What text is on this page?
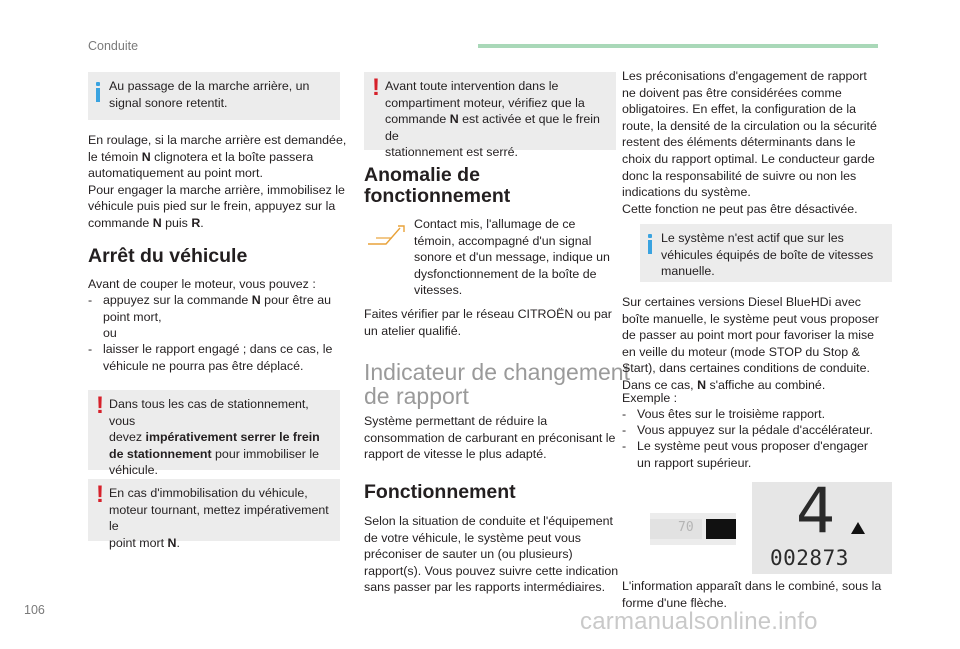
Conduite
Au passage de la marche arrière, un
signal sonore retentit.
En roulage, si la marche arrière est demandée,
le témoin N clignotera et la boîte passera
automatiquement au point mort.
Pour engager la marche arrière, immobilisez le
véhicule puis pied sur le frein, appuyez sur la
commande N puis R.
Arrêt du véhicule
Avant de couper le moteur, vous pouvez :
- appuyez sur la commande N pour être au
point mort,
ou
- laisser le rapport engagé ; dans ce cas, le
véhicule ne pourra pas être déplacé.
! Dans tous les cas de stationnement, vous
devez impérativement serrer le frein
de stationnement pour immobiliser le
véhicule.
! En cas d'immobilisation du véhicule,
moteur tournant, mettez impérativement le
point mort N.
! Avant toute intervention dans le
compartiment moteur, vérifiez que la
commande N est activée et que le frein de
stationnement est serré.
Anomalie de
fonctionnement
Contact mis, l'allumage de ce
témoin, accompagné d'un signal
sonore et d'un message, indique un
dysfonctionnement de la boîte de
vitesses.
Faites vérifier par le réseau CITROËN ou par
un atelier qualifié.
Indicateur de changement
de rapport
Système permettant de réduire la
consommation de carburant en préconisant le
rapport de vitesse le plus adapté.
Fonctionnement
Selon la situation de conduite et l'équipement
de votre véhicule, le système peut vous
préconiser de sauter un (ou plusieurs)
rapport(s). Vous pouvez suivre cette indication
sans passer par les rapports intermédiaires.
Les préconisations d'engagement de rapport
ne doivent pas être considérées comme
obligatoires. En effet, la configuration de la
route, la densité de la circulation ou la sécurité
restent des éléments déterminants dans le
choix du rapport optimal. Le conducteur garde
donc la responsabilité de suivre ou non les
indications du système.
Cette fonction ne peut pas être désactivée.
Le système n'est actif que sur les
véhicules équipés de boîte de vitesses
manuelle.
Sur certaines versions Diesel BlueHDi avec
boîte manuelle, le système peut vous proposer
de passer au point mort pour favoriser la mise
en veille du moteur (mode STOP du Stop &
Start), dans certaines conditions de conduite.
Dans ce cas, N s'affiche au combiné.
Exemple :
- Vous êtes sur le troisième rapport.
- Vous appuyez sur la pédale d'accélérateur.
- Le système peut vous proposer d'engager
un rapport supérieur.
70 4
002873
L'information apparaît dans le combiné, sous la
forme d'une flèche.
106	carmanualsonline.info
